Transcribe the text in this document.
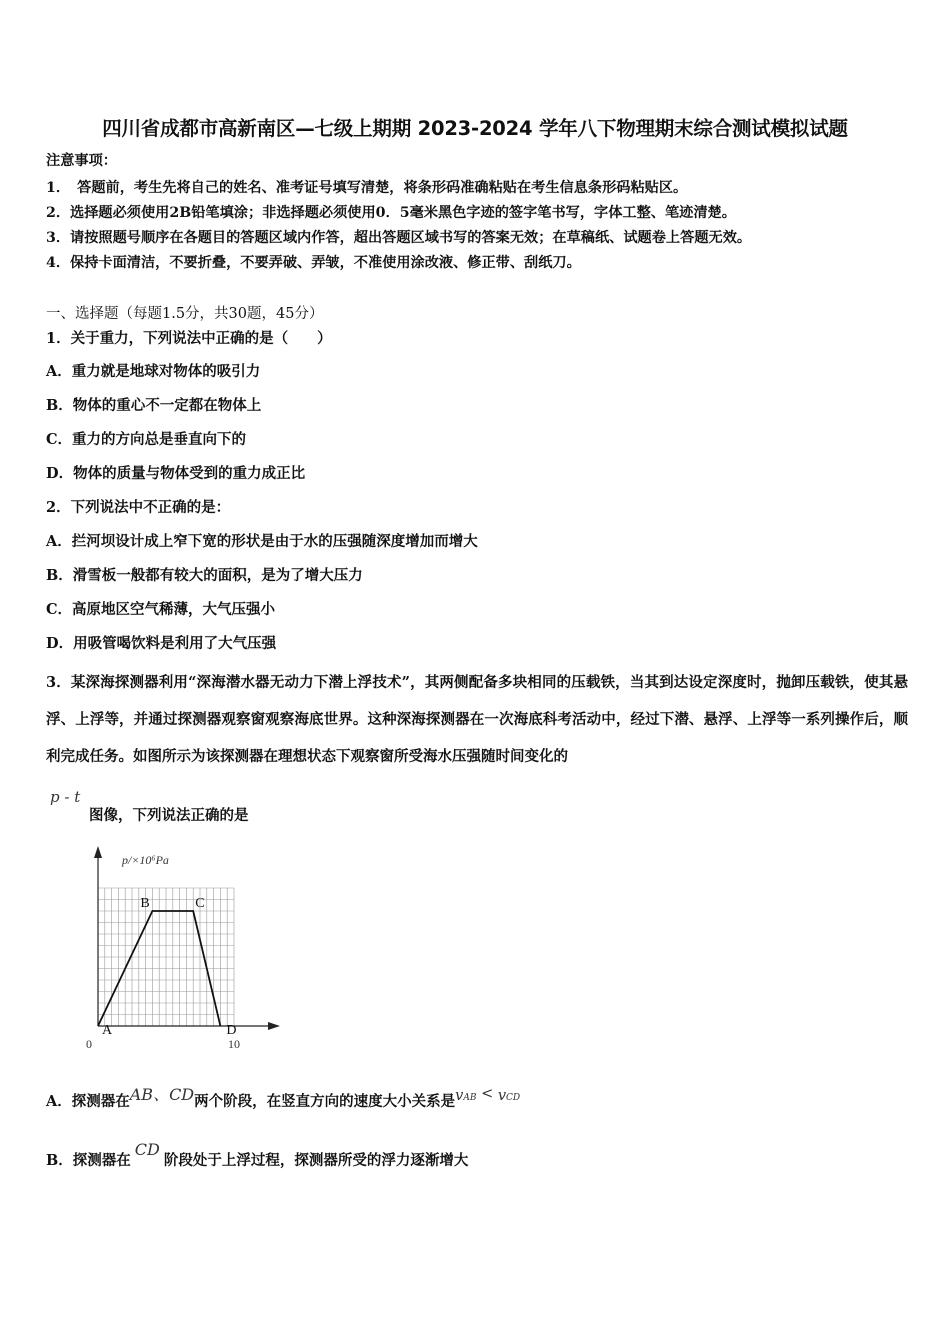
四川省成都市高新南区—七级上期期 2023-2024 学年八下物理期末综合测试模拟试题
注意事项：
1．　答题前，考生先将自己的姓名、准考证号填写清楚，将条形码准确粘贴在考生信息条形码粘贴区。
2．选择题必须使用2B铅笔填涂；非选择题必须使用0．5毫米黑色字迹的签字笔书写，字体工整、笔迹清楚。
3．请按照题号顺序在各题目的答题区域内作答，超出答题区域书写的答案无效；在草稿纸、试题卷上答题无效。
4．保持卡面清洁，不要折叠，不要弄破、弄皱，不准使用涂改液、修正带、刮纸刀。
一、选择题（每题1.5分，共30题，45分）
1．关于重力，下列说法中正确的是（　　）
A．重力就是地球对物体的吸引力
B．物体的重心不一定都在物体上
C．重力的方向总是垂直向下的
D．物体的质量与物体受到的重力成正比
2．下列说法中不正确的是：
A．拦河坝设计成上窄下宽的形状是由于水的压强随深度增加而增大
B．滑雪板一般都有较大的面积，是为了增大压力
C．高原地区空气稀薄，大气压强小
D．用吸管喝饮料是利用了大气压强
3．某深海探测器利用“深海潜水器无动力下潜上浮技术”，其两侧配备多块相同的压载铁，当其到达设定深度时，抛卸压载铁，使其悬浮、上浮等，并通过探测器观察窗观察海底世界。这种深海探测器在一次海底科考活动中，经过下潜、悬浮、上浮等一系列操作后，顺利完成任务。如图所示为该探测器在理想状态下观察窗所受海水压强随时间变化的
p - t
图像，下列说法正确的是
A
B	C
D
0	10
p/×10⁶Pa
A．探测器在AB、CD两个阶段，在竖直方向的速度大小关系是vAB < vCD
B．探测器在CD阶段处于上浮过程，探测器所受的浮力逐渐增大
